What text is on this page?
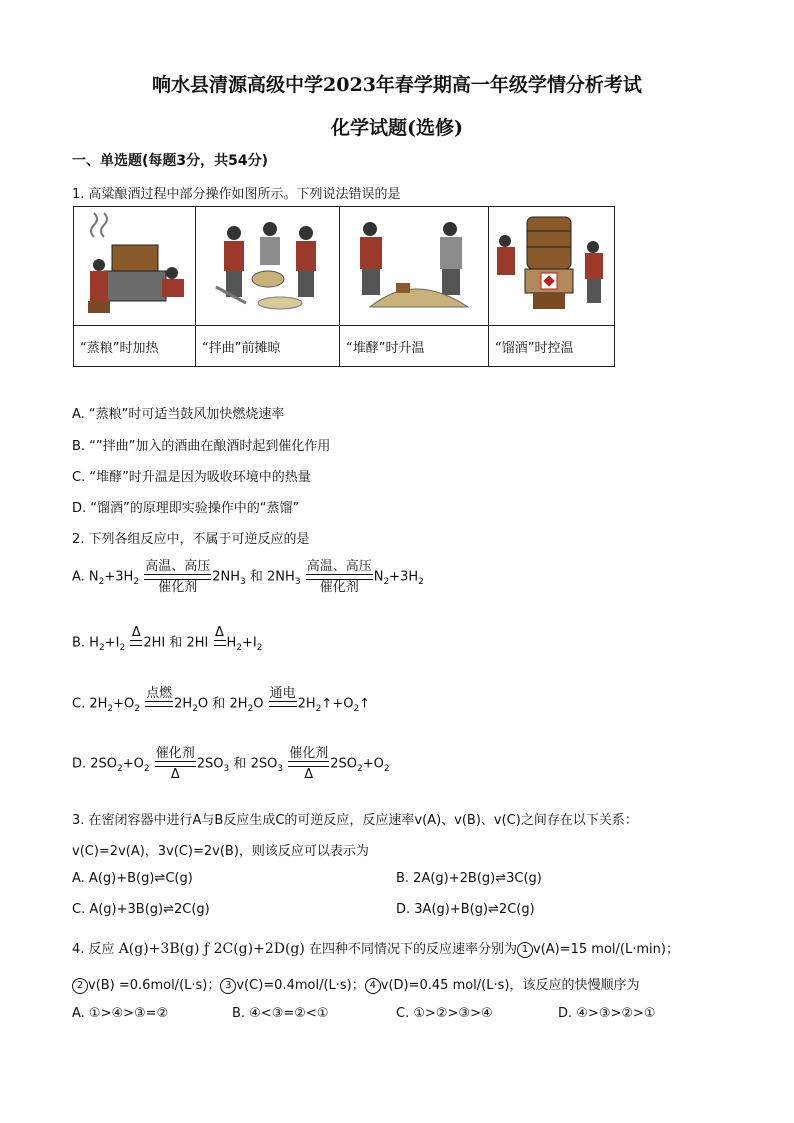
响水县清源高级中学2023年春学期高一年级学情分析考试
化学试题(选修)
一、单选题(每题3分，共54分)
1. 高粱酿酒过程中部分操作如图所示。下列说法错误的是

“蒸粮”时加热	“拌曲”前摊晾	“堆酵”时升温	“馏酒”时控温
A. “蒸粮”时可适当鼓风加快燃烧速率
B. “”拌曲”加入的酒曲在酿酒时起到催化作用
C. “堆酵”时升温是因为吸收环境中的热量
D. “馏酒”的原理即实验操作中的“蒸馏”
2. 下列各组反应中，不属于可逆反应的是
A. $N_2+3H_2$
高温、高压
催化剂
$2NH_3$ 和 $2NH_3$
高温、高压
催化剂
$N_2+3H_2$
B. $H_2+I_2$
Δ
2HI 和 2HI
Δ
$H_2+I_2$
C. $2H_2+O_2$
点燃
$2H_2O$ 和 $2H_2O$
通电
$2H_2↑+O_2↑$
D. $2SO_2+O_2$
催化剂
Δ
$2SO_3$ 和 $2SO_3$
催化剂
Δ
$2SO_2+O_2$
3. 在密闭容器中进行A与B反应生成C的可逆反应，反应速率v(A)、v(B)、v(C)之间存在以下关系：
v(C)=2v(A)，3v(C)=2v(B)，则该反应可以表示为
A. A(g)+B(g)⇌C(g)	B. 2A(g)+2B(g)⇌3C(g)
C. A(g)+3B(g)⇌2C(g)	D. 3A(g)+B(g)⇌2C(g)
4. 反应 A(g)+3B(g) ƒ 2C(g)+2D(g) 在四种不同情况下的反应速率分别为 1 v(A)=15 mol/(L·min)；
2 v(B) =0.6mol/(L·s)； 3 v(C)=0.4mol/(L·s)； 4 v(D)=0.45 mol/(L·s)，该反应的快慢顺序为
A. ①>④>③=②	B. ④<③=②<①	C. ①>②>③>④	D. ④>③>②>①
